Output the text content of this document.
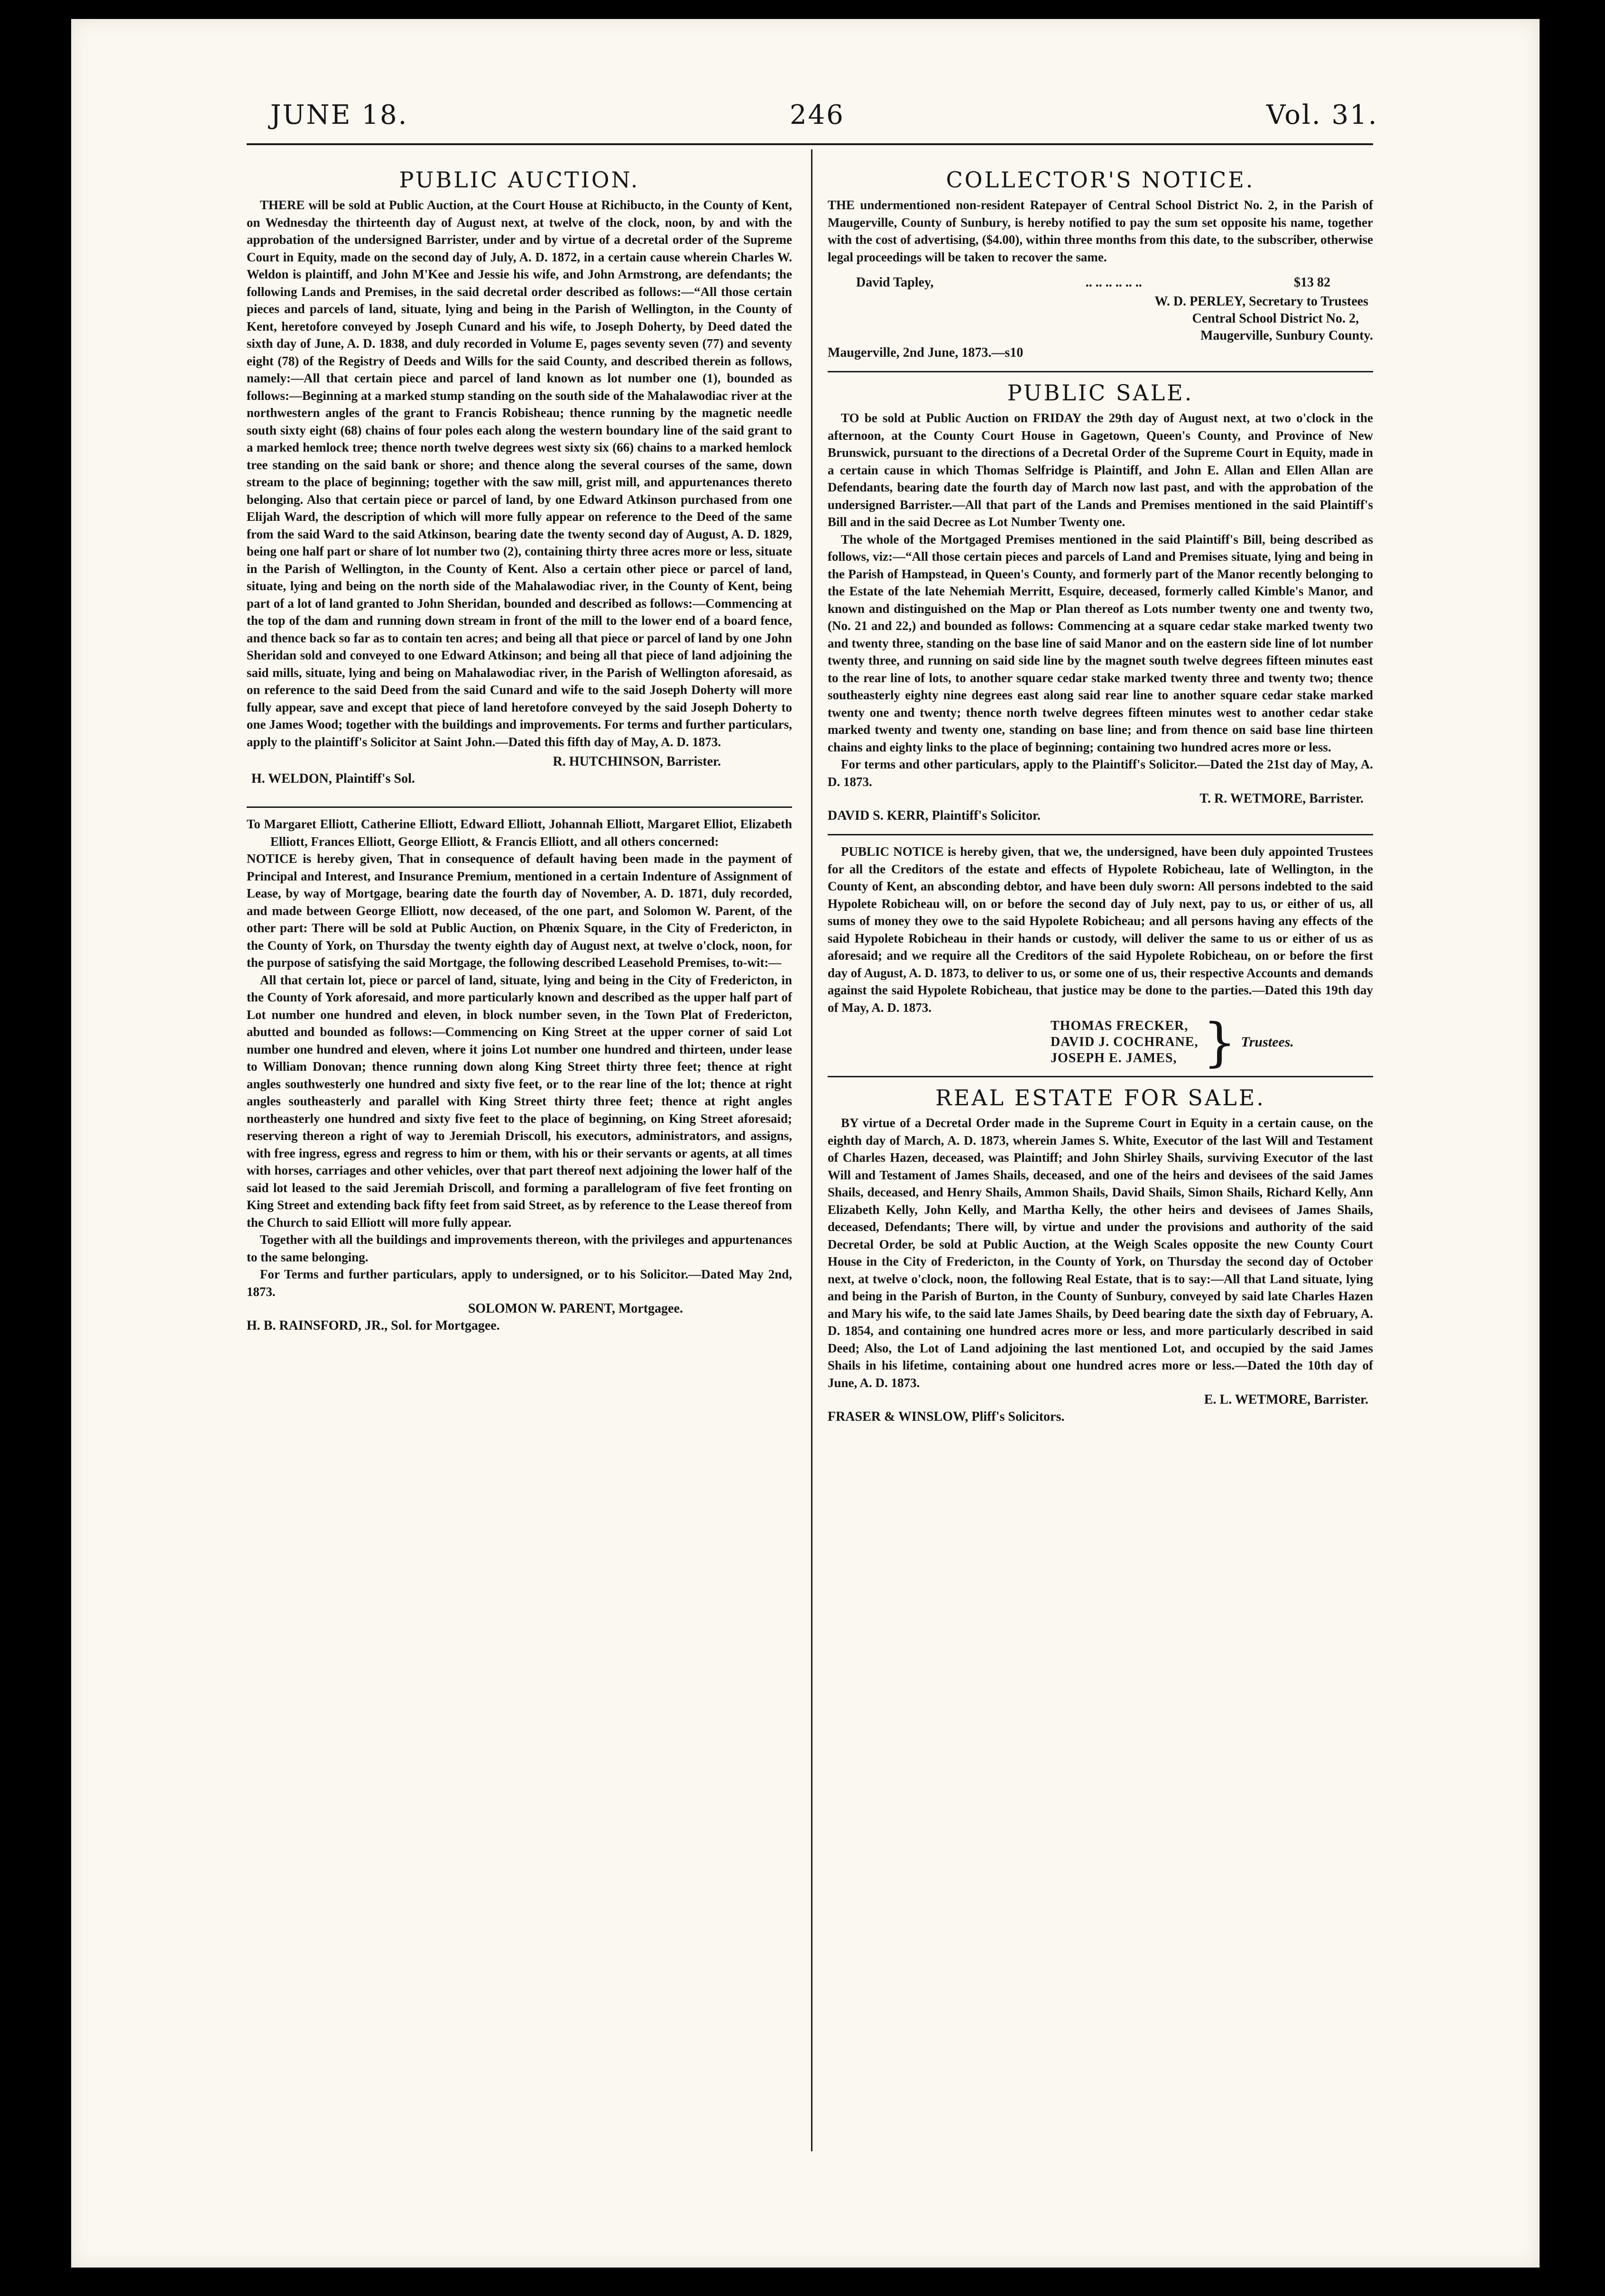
JUNE 18.	246	Vol. 31.
PUBLIC AUCTION.

THERE will be sold at Public Auction, at the Court House at Richibucto, in the County of Kent, on Wednesday the thirteenth day of August next, at twelve of the clock, noon, by and with the approbation of the undersigned Barrister, under and by virtue of a decretal order of the Supreme Court in Equity, made on the second day of July, A. D. 1872, in a certain cause wherein Charles W. Weldon is plaintiff, and John M'Kee and Jessie his wife, and John Armstrong, are defendants; the following Lands and Premises, in the said decretal order described as follows:—“All those certain pieces and parcels of land, situate, lying and being in the Parish of Wellington, in the County of Kent, heretofore conveyed by Joseph Cunard and his wife, to Joseph Doherty, by Deed dated the sixth day of June, A. D. 1838, and duly recorded in Volume E, pages seventy seven (77) and seventy eight (78) of the Registry of Deeds and Wills for the said County, and described therein as follows, namely:—All that certain piece and parcel of land known as lot number one (1), bounded as follows:—Beginning at a marked stump standing on the south side of the Mahalawodiac river at the northwestern angles of the grant to Francis Robisheau; thence running by the magnetic needle south sixty eight (68) chains of four poles each along the western boundary line of the said grant to a marked hemlock tree; thence north twelve degrees west sixty six (66) chains to a marked hemlock tree standing on the said bank or shore; and thence along the several courses of the same, down stream to the place of beginning; together with the saw mill, grist mill, and appurtenances thereto belonging. Also that certain piece or parcel of land, by one Edward Atkinson purchased from one Elijah Ward, the description of which will more fully appear on reference to the Deed of the same from the said Ward to the said Atkinson, bearing date the twenty second day of August, A. D. 1829, being one half part or share of lot number two (2), containing thirty three acres more or less, situate in the Parish of Wellington, in the County of Kent. Also a certain other piece or parcel of land, situate, lying and being on the north side of the Mahalawodiac river, in the County of Kent, being part of a lot of land granted to John Sheridan, bounded and described as follows:—Commencing at the top of the dam and running down stream in front of the mill to the lower end of a board fence, and thence back so far as to contain ten acres; and being all that piece or parcel of land by one John Sheridan sold and conveyed to one Edward Atkinson; and being all that piece of land adjoining the said mills, situate, lying and being on Mahalawodiac river, in the Parish of Wellington aforesaid, as on reference to the said Deed from the said Cunard and wife to the said Joseph Doherty will more fully appear, save and except that piece of land heretofore conveyed by the said Joseph Doherty to one James Wood; together with the buildings and improvements. For terms and further particulars, apply to the plaintiff's Solicitor at Saint John.—Dated this fifth day of May, A. D. 1873.

R. HUTCHINSON, Barrister.
H. WELDON, Plaintiff's Sol.

To Margaret Elliott, Catherine Elliott, Edward Elliott, Johannah Elliott, Margaret Elliot, Elizabeth Elliott, Frances Elliott, George Elliott, & Francis Elliott, and all others concerned:

NOTICE is hereby given, That in consequence of default having been made in the payment of Principal and Interest, and Insurance Premium, mentioned in a certain Indenture of Assignment of Lease, by way of Mortgage, bearing date the fourth day of November, A. D. 1871, duly recorded, and made between George Elliott, now deceased, of the one part, and Solomon W. Parent, of the other part: There will be sold at Public Auction, on Phœnix Square, in the City of Fredericton, in the County of York, on Thursday the twenty eighth day of August next, at twelve o'clock, noon, for the purpose of satisfying the said Mortgage, the following described Leasehold Premises, to-wit:—

All that certain lot, piece or parcel of land, situate, lying and being in the City of Fredericton, in the County of York aforesaid, and more particularly known and described as the upper half part of Lot number one hundred and eleven, in block number seven, in the Town Plat of Fredericton, abutted and bounded as follows:—Commencing on King Street at the upper corner of said Lot number one hundred and eleven, where it joins Lot number one hundred and thirteen, under lease to William Donovan; thence running down along King Street thirty three feet; thence at right angles southwesterly one hundred and sixty five feet, or to the rear line of the lot; thence at right angles southeasterly and parallel with King Street thirty three feet; thence at right angles northeasterly one hundred and sixty five feet to the place of beginning, on King Street aforesaid; reserving thereon a right of way to Jeremiah Driscoll, his executors, administrators, and assigns, with free ingress, egress and regress to him or them, with his or their servants or agents, at all times with horses, carriages and other vehicles, over that part thereof next adjoining the lower half of the said lot leased to the said Jeremiah Driscoll, and forming a parallelogram of five feet fronting on King Street and extending back fifty feet from said Street, as by reference to the Lease thereof from the Church to said Elliott will more fully appear.

Together with all the buildings and improvements thereon, with the privileges and appurtenances to the same belonging.

For Terms and further particulars, apply to undersigned, or to his Solicitor.—Dated May 2nd, 1873.

SOLOMON W. PARENT, Mortgagee.
H. B. RAINSFORD, JR., Sol. for Mortgagee.
COLLECTOR'S NOTICE.

THE undermentioned non-resident Ratepayer of Central School District No. 2, in the Parish of Maugerville, County of Sunbury, is hereby notified to pay the sum set opposite his name, together with the cost of advertising, ($4.00), within three months from this date, to the subscriber, otherwise legal proceedings will be taken to recover the same.

David Tapley,	.. .. .. .. .. ..	$13 82
W. D. PERLEY, Secretary to Trustees
Central School District No. 2,
Maugerville, Sunbury County.
Maugerville, 2nd June, 1873.—s10
PUBLIC SALE.

TO be sold at Public Auction on FRIDAY the 29th day of August next, at two o'clock in the afternoon, at the County Court House in Gagetown, Queen's County, and Province of New Brunswick, pursuant to the directions of a Decretal Order of the Supreme Court in Equity, made in a certain cause in which Thomas Selfridge is Plaintiff, and John E. Allan and Ellen Allan are Defendants, bearing date the fourth day of March now last past, and with the approbation of the undersigned Barrister.—All that part of the Lands and Premises mentioned in the said Plaintiff's Bill and in the said Decree as Lot Number Twenty one.

The whole of the Mortgaged Premises mentioned in the said Plaintiff's Bill, being described as follows, viz:—“All those certain pieces and parcels of Land and Premises situate, lying and being in the Parish of Hampstead, in Queen's County, and formerly part of the Manor recently belonging to the Estate of the late Nehemiah Merritt, Esquire, deceased, formerly called Kimble's Manor, and known and distinguished on the Map or Plan thereof as Lots number twenty one and twenty two, (No. 21 and 22,) and bounded as follows: Commencing at a square cedar stake marked twenty two and twenty three, standing on the base line of said Manor and on the eastern side line of lot number twenty three, and running on said side line by the magnet south twelve degrees fifteen minutes east to the rear line of lots, to another square cedar stake marked twenty three and twenty two; thence southeasterly eighty nine degrees east along said rear line to another square cedar stake marked twenty one and twenty; thence north twelve degrees fifteen minutes west to another cedar stake marked twenty and twenty one, standing on base line; and from thence on said base line thirteen chains and eighty links to the place of beginning; containing two hundred acres more or less.

For terms and other particulars, apply to the Plaintiff's Solicitor.—Dated the 21st day of May, A. D. 1873.

T. R. WETMORE, Barrister.
DAVID S. KERR, Plaintiff's Solicitor.

PUBLIC NOTICE is hereby given, that we, the undersigned, have been duly appointed Trustees for all the Creditors of the estate and effects of Hypolete Robicheau, late of Wellington, in the County of Kent, an absconding debtor, and have been duly sworn: All persons indebted to the said Hypolete Robicheau will, on or before the second day of July next, pay to us, or either of us, all sums of money they owe to the said Hypolete Robicheau; and all persons having any effects of the said Hypolete Robicheau in their hands or custody, will deliver the same to us or either of us as aforesaid; and we require all the Creditors of the said Hypolete Robicheau, on or before the first day of August, A. D. 1873, to deliver to us, or some one of us, their respective Accounts and demands against the said Hypolete Robicheau, that justice may be done to the parties.—Dated this 19th day of May, A. D. 1873.

THOMAS FRECKER,
DAVID J. COCHRANE,
JOSEPH E. JAMES, } Trustees.
REAL ESTATE FOR SALE.

BY virtue of a Decretal Order made in the Supreme Court in Equity in a certain cause, on the eighth day of March, A. D. 1873, wherein James S. White, Executor of the last Will and Testament of Charles Hazen, deceased, was Plaintiff; and John Shirley Shails, surviving Executor of the last Will and Testament of James Shails, deceased, and one of the heirs and devisees of the said James Shails, deceased, and Henry Shails, Ammon Shails, David Shails, Simon Shails, Richard Kelly, Ann Elizabeth Kelly, John Kelly, and Martha Kelly, the other heirs and devisees of James Shails, deceased, Defendants; There will, by virtue and under the provisions and authority of the said Decretal Order, be sold at Public Auction, at the Weigh Scales opposite the new County Court House in the City of Fredericton, in the County of York, on Thursday the second day of October next, at twelve o'clock, noon, the following Real Estate, that is to say:—All that Land situate, lying and being in the Parish of Burton, in the County of Sunbury, conveyed by said late Charles Hazen and Mary his wife, to the said late James Shails, by Deed bearing date the sixth day of February, A. D. 1854, and containing one hundred acres more or less, and more particularly described in said Deed; Also, the Lot of Land adjoining the last mentioned Lot, and occupied by the said James Shails in his lifetime, containing about one hundred acres more or less.—Dated the 10th day of June, A. D. 1873.

E. L. WETMORE, Barrister.
FRASER & WINSLOW, Pliff's Solicitors.
